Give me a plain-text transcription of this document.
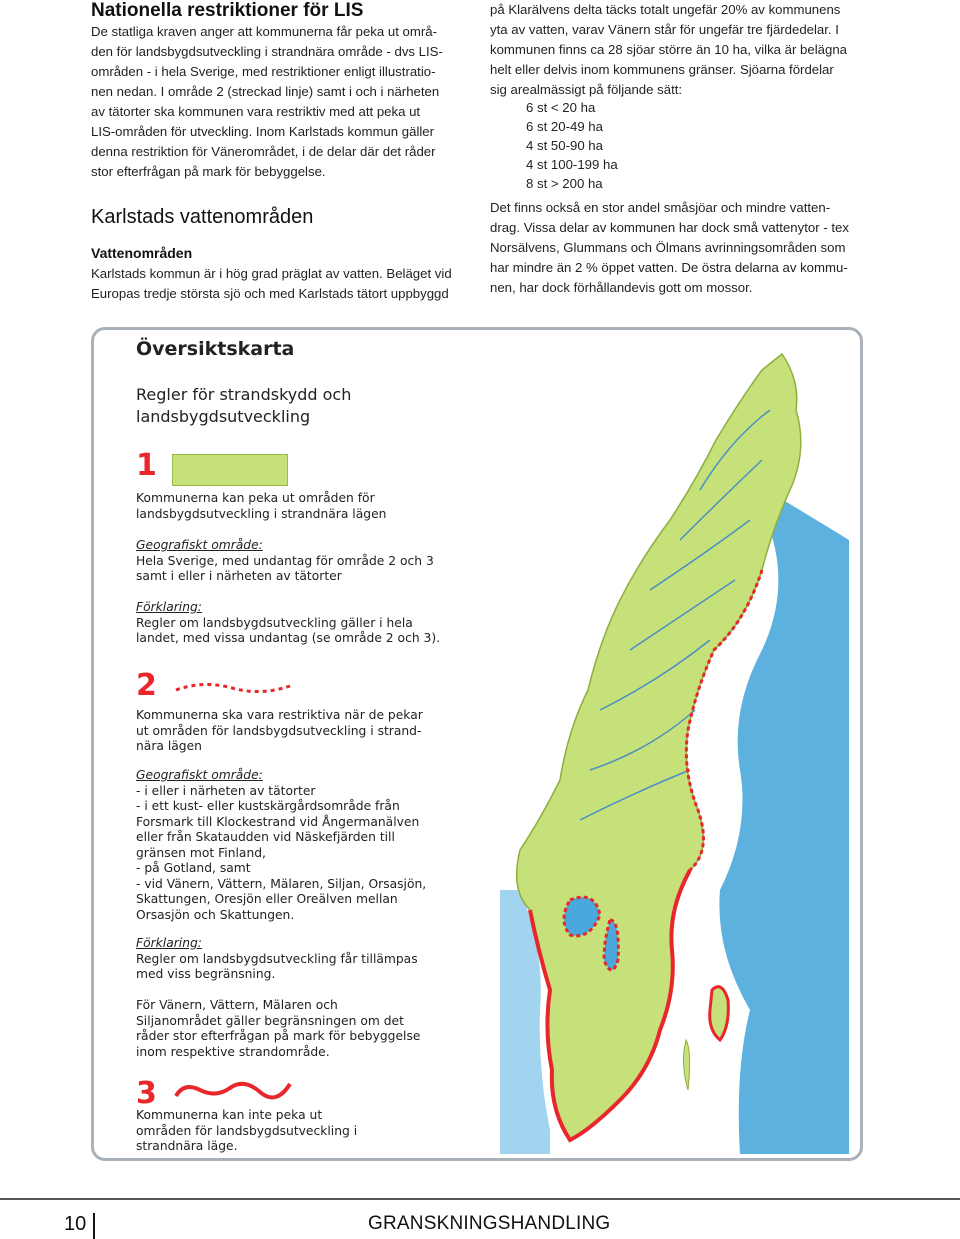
Nationella restriktioner för LIS
De statliga kraven anger att kommunerna får peka ut områ-
den för landsbygdsutveckling i strandnära område - dvs LIS-
områden - i hela Sverige, med restriktioner enligt illustratio-
nen nedan. I område 2 (streckad linje) samt i och i närheten
av tätorter ska kommunen vara restriktiv med att peka ut
LIS-områden för utveckling. Inom Karlstads kommun gäller
denna restriktion för Vänerområdet, i de delar där det råder
stor efterfrågan på mark för bebyggelse.
Karlstads vattenområden
Vattenområden
Karlstads kommun är i hög grad präglat av vatten. Beläget vid
Europas tredje största sjö och med Karlstads tätort uppbyggd
på Klarälvens delta täcks totalt ungefär 20% av kommunens
yta av vatten, varav Vänern står för ungefär tre fjärdedelar. I
kommunen finns ca 28 sjöar större än 10 ha, vilka är belägna
helt eller delvis inom kommunens gränser. Sjöarna fördelar
sig arealmässigt på följande sätt:
6 st < 20 ha
6 st 20-49 ha
4 st 50-90 ha
4 st 100-199 ha
8 st > 200 ha
Det finns också en stor andel småsjöar och mindre vatten-
drag. Vissa delar av kommunen har dock små vattenytor - tex
Norsälvens, Glummans och Ölmans avrinningsområden som
har mindre än 2 % öppet vatten. De östra delarna av kommu-
nen, har dock förhållandevis gott om mossor.
Översiktskarta
Regler för strandskydd och
landsbygdsutveckling
1
Kommunerna kan peka ut områden för
landsbygdsutveckling i strandnära lägen
Geografiskt område:
Hela Sverige, med undantag för område 2 och 3
samt i eller i närheten av tätorter
Förklaring:
Regler om landsbygdsutveckling gäller i hela
landet, med vissa undantag (se område 2 och 3).
2
Kommunerna ska vara restriktiva när de pekar
ut områden för landsbygdsutveckling i strand-
nära lägen
Geografiskt område:
- i eller i närheten av tätorter
- i ett kust- eller kustskärgårdsområde från
Forsmark till Klockestrand vid Ångermanälven
eller från Skataudden vid Näskefjärden till
gränsen mot Finland,
- på Gotland, samt
- vid Vänern, Vättern, Mälaren, Siljan, Orsasjön,
Skattungen, Oresjön eller Oreälven mellan
Orsasjön och Skattungen.
Förklaring:
Regler om landsbygdsutveckling får tillämpas
med viss begränsning.
För Vänern, Vättern, Mälaren och
Siljanområdet gäller begränsningen om det
råder stor efterfrågan på mark för bebyggelse
inom respektive strandområde.
3
Kommunerna kan inte peka ut
områden för landsbygdsutveckling i
strandnära läge.
10	GRANSKNINGSHANDLING
